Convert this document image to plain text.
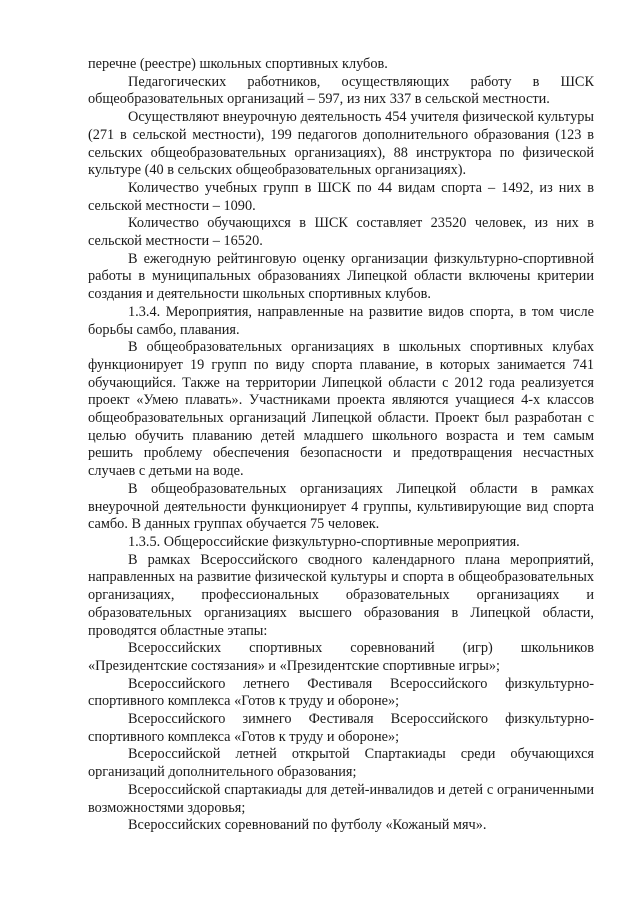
перечне (реестре) школьных спортивных клубов.

Педагогических работников, осуществляющих работу в ШСК общеобразовательных организаций – 597, из них 337 в сельской местности.

Осуществляют внеурочную деятельность 454 учителя физической культуры (271 в сельской местности), 199 педагогов дополнительного образования (123 в сельских общеобразовательных организациях), 88 инструктора по физической культуре (40 в сельских общеобразовательных организациях).

Количество учебных групп в ШСК по 44 видам спорта – 1492, из них в сельской местности – 1090.

Количество обучающихся в ШСК составляет 23520 человек, из них в сельской местности – 16520.

В ежегодную рейтинговую оценку организации физкультурно-спортивной работы в муниципальных образованиях Липецкой области включены критерии создания и деятельности школьных спортивных клубов.

1.3.4. Мероприятия, направленные на развитие видов спорта, в том числе борьбы самбо, плавания.

В общеобразовательных организациях в школьных спортивных клубах функционирует 19 групп по виду спорта плавание, в которых занимается 741 обучающийся. Также на территории Липецкой области с 2012 года реализуется проект «Умею плавать». Участниками проекта являются учащиеся 4-х классов общеобразовательных организаций Липецкой области. Проект был разработан с целью обучить плаванию детей младшего школьного возраста и тем самым решить проблему обеспечения безопасности и предотвращения несчастных случаев с детьми на воде.

В общеобразовательных организациях Липецкой области в рамках внеурочной деятельности функционирует 4 группы, культивирующие вид спорта самбо. В данных группах обучается 75 человек.

1.3.5. Общероссийские физкультурно-спортивные мероприятия.

В рамках Всероссийского сводного календарного плана мероприятий, направленных на развитие физической культуры и спорта в общеобразовательных организациях, профессиональных образовательных организациях и образовательных организациях высшего образования в Липецкой области, проводятся областные этапы:

Всероссийских спортивных соревнований (игр) школьников «Президентские состязания» и «Президентские спортивные игры»;

Всероссийского летнего Фестиваля Всероссийского физкультурно-спортивного комплекса «Готов к труду и обороне»;

Всероссийского зимнего Фестиваля Всероссийского физкультурно-спортивного комплекса «Готов к труду и обороне»;

Всероссийской летней открытой Спартакиады среди обучающихся организаций дополнительного образования;

Всероссийской спартакиады для детей-инвалидов и детей с ограниченными возможностями здоровья;

Всероссийских соревнований по футболу «Кожаный мяч».
